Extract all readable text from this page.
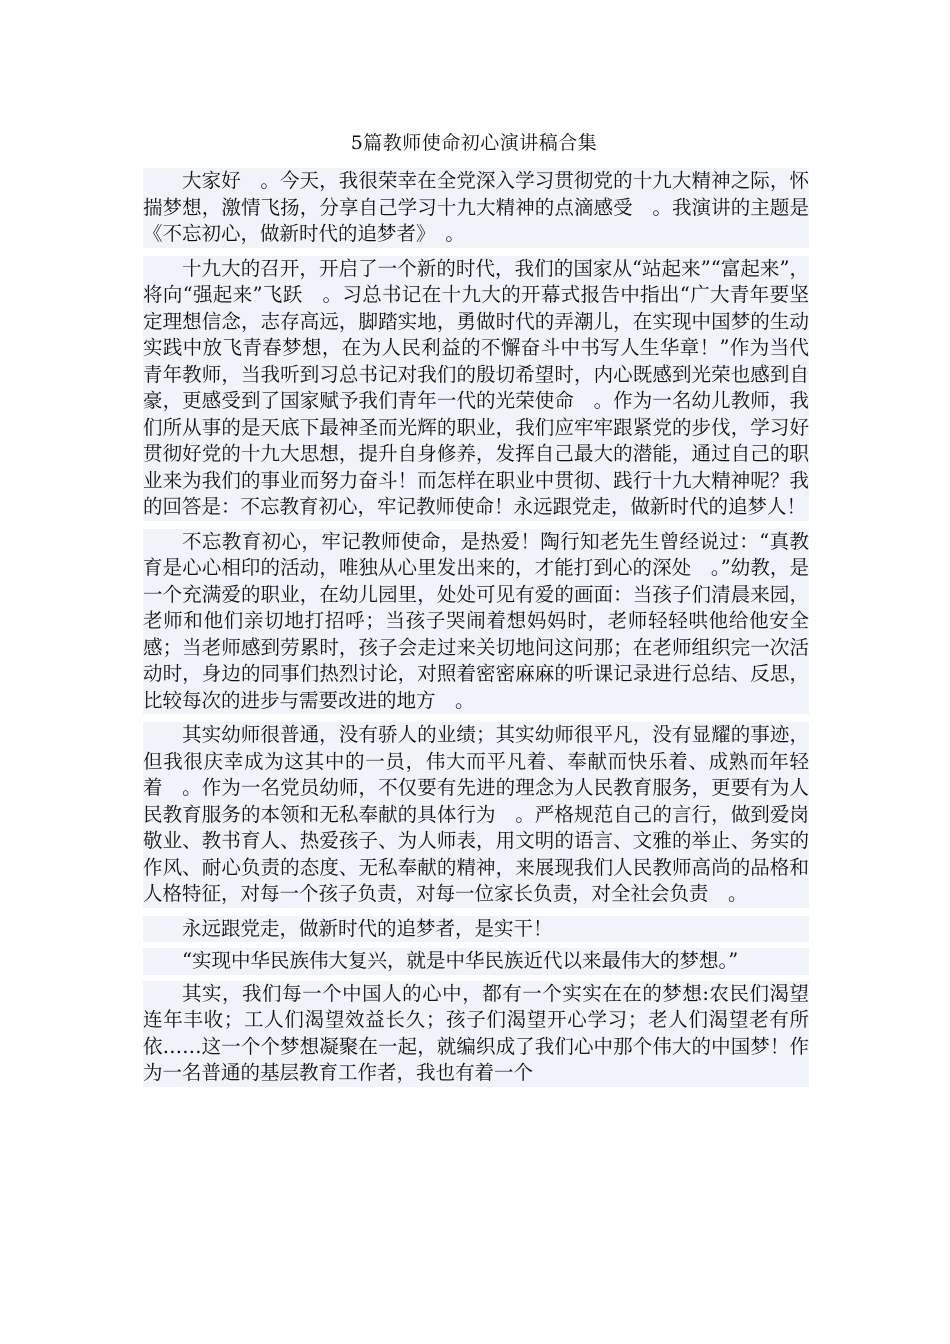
5篇教师使命初心演讲稿合集

大家好　。今天，我很荣幸在全党深入学习贯彻党的十九大精神之际，怀揣梦想，激情飞扬，分享自己学习十九大精神的点滴感受　。我演讲的主题是《不忘初心，做新时代的追梦者》　。

十九大的召开，开启了一个新的时代，我们的国家从“站起来”“富起来”，将向“强起来”飞跃　。习总书记在十九大的开幕式报告中指出“广大青年要坚定理想信念，志存高远，脚踏实地，勇做时代的弄潮儿，在实现中国梦的生动实践中放飞青春梦想，在为人民利益的不懈奋斗中书写人生华章！”作为当代青年教师，当我听到习总书记对我们的殷切希望时，内心既感到光荣也感到自豪，更感受到了国家赋予我们青年一代的光荣使命　。作为一名幼儿教师，我们所从事的是天底下最神圣而光辉的职业，我们应牢牢跟紧党的步伐，学习好贯彻好党的十九大思想，提升自身修养，发挥自己最大的潜能，通过自己的职业来为我们的事业而努力奋斗！而怎样在职业中贯彻、践行十九大精神呢？我的回答是：不忘教育初心，牢记教师使命！永远跟党走，做新时代的追梦人！

不忘教育初心，牢记教师使命，是热爱！陶行知老先生曾经说过：“真教育是心心相印的活动，唯独从心里发出来的，才能打到心的深处　。”幼教，是一个充满爱的职业，在幼儿园里，处处可见有爱的画面：当孩子们清晨来园，老师和他们亲切地打招呼；当孩子哭闹着想妈妈时，老师轻轻哄他给他安全感；当老师感到劳累时，孩子会走过来关切地问这问那；在老师组织完一次活动时，身边的同事们热烈讨论，对照着密密麻麻的听课记录进行总结、反思，比较每次的进步与需要改进的地方　。

其实幼师很普通，没有骄人的业绩；其实幼师很平凡，没有显耀的事迹，但我很庆幸成为这其中的一员，伟大而平凡着、奉献而快乐着、成熟而年轻着　。作为一名党员幼师，不仅要有先进的理念为人民教育服务，更要有为人民教育服务的本领和无私奉献的具体行为　。严格规范自己的言行，做到爱岗敬业、教书育人、热爱孩子、为人师表，用文明的语言、文雅的举止、务实的作风、耐心负责的态度、无私奉献的精神，来展现我们人民教师高尚的品格和人格特征，对每一个孩子负责，对每一位家长负责，对全社会负责　。

永远跟党走，做新时代的追梦者，是实干！

“实现中华民族伟大复兴，就是中华民族近代以来最伟大的梦想。”

其实，我们每一个中国人的心中，都有一个实实在在的梦想:农民们渴望连年丰收；工人们渴望效益长久；孩子们渴望开心学习；老人们渴望老有所依……这一个个梦想凝聚在一起，就编织成了我们心中那个伟大的中国梦！作为一名普通的基层教育工作者，我也有着一个
